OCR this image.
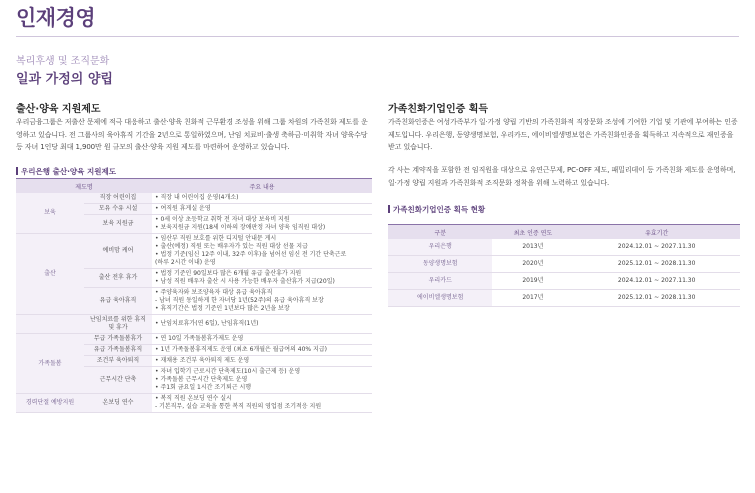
인재경영
복리후생 및 조직문화
일과 가정의 양립
출산·양육 지원제도

우리금융그룹은 저출산 문제에 적극 대응하고 출산·양육 친화적 근무환경 조성을 위해 그룹 차원의 가족친화 제도를 운영하고 있습니다. 전 그룹사의 육아휴직 기간을 2년으로 통일하였으며, 난임 치료비·출생 축하금·미취학 자녀 양육수당 등 자녀 1인당 최대 1,900만 원 규모의 출산·양육 지원 제도를 마련하여 운영하고 있습니다.

우리은행 출산·양육 지원제도
제도명		주요 내용
보육	직장 어린이집	• 직장 내 어린이집 운영(4개소)

	모유 수유 시설	• 여직원 휴게실 운영

	보육 지원금	• 0세 이상 초등학교 취학 전 자녀 대상 보육비 지원
• 보육지원금 지원(18세 이하의 장애판정 자녀 양육 임직원 대상)

출산	예비맘 케어	• 임산부 직원 보호를 위한 디지털 안내문 게시
• 출산(예정) 직원 또는 배우자가 있는 직원 대상 선물 지급
• 법정 기준(임신 12주 이내, 32주 이후)을 넘어선 임신 전 기간 단축근로
(하루 2시간 이내) 운영

	출산 전후 휴가	• 법정 기준인 90일보다 많은 6개월 유급 출산휴가 지원
• 남성 직원 배우자 출산 시 사용 가능한 배우자 출산휴가 지급(20일)

	유급 육아휴직	• 주양육자와 보조양육자 대상 유급 육아휴직
- 남녀 직원 동일하게 한 자녀당 1년(52주)의 유급 육아휴직 보장
• 휴직기간은 법정 기준인 1년보다 많은 2년을 보장

	난임치료를 위한 휴직 및 휴가	• 난임치료휴가(연 6일), 난임휴직(1년)

가족돌봄	무급 가족돌봄휴가	• 연 10일 가족돌봄휴가제도 운영

	유급 가족돌봄휴직	• 1년 가족돌봄휴직제도 운영 (최초 6개월은 월급여의 40% 지급)

	조건부 육아퇴직	• 재채용 조건부 육아퇴직 제도 운영

	근무시간 단축	• 자녀 입학기 근로시간 단축제도(10시 출근제 등) 운영
• 가족돌봄 근무시간 단축제도 운영
• 주1회 금요일 1시간 조기퇴근 시행

경력단절 예방지원	온보딩 연수	• 복직 직원 온보딩 연수 실시
- 기본직무, 실습 교육을 통한 복직 직원의 영업점 조기적응 지원
가족친화기업인증 획득

가족친화인증은 여성가족부가 일·가정 양립 기반의 가족친화적 직장문화 조성에 기여한 기업 및 기관에 부여하는 인증 제도입니다. 우리은행, 동양생명보험, 우리카드, 에이비엘생명보험은 가족친화인증을 획득하고 지속적으로 재인증을 받고 있습니다.

각 사는 계약직을 포함한 전 임직원을 대상으로 유연근무제, PC-OFF 제도, 패밀리데이 등 가족친화 제도를 운영하며, 일·가정 양립 지원과 가족친화적 조직문화 정착을 위해 노력하고 있습니다.

가족친화기업인증 획득 현황
구분	최초 인증 연도	유효기간
우리은행	2013년	2024.12.01 ~ 2027.11.30
동양생명보험	2020년	2025.12.01 ~ 2028.11.30
우리카드	2019년	2024.12.01 ~ 2027.11.30
에이비엘생명보험	2017년	2025.12.01 ~ 2028.11.30
